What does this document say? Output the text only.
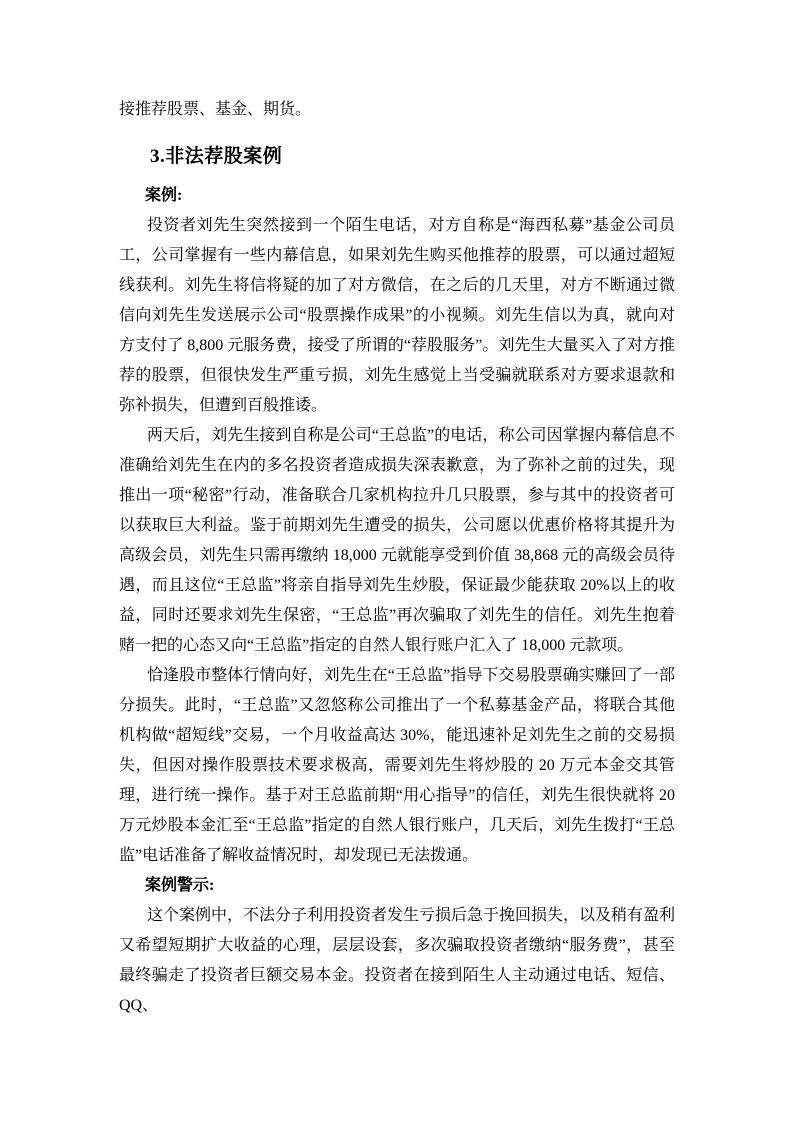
接推荐股票、基金、期货。

3.非法荐股案例

案例:

投资者刘先生突然接到一个陌生电话，对方自称是“海西私募”基金公司员工，公司掌握有一些内幕信息，如果刘先生购买他推荐的股票，可以通过超短线获利。刘先生将信将疑的加了对方微信，在之后的几天里，对方不断通过微信向刘先生发送展示公司“股票操作成果”的小视频。刘先生信以为真，就向对方支付了 8,800 元服务费，接受了所谓的“荐股服务”。刘先生大量买入了对方推荐的股票，但很快发生严重亏损，刘先生感觉上当受骗就联系对方要求退款和弥补损失，但遭到百般推诿。

两天后，刘先生接到自称是公司“王总监”的电话，称公司因掌握内幕信息不准确给刘先生在内的多名投资者造成损失深表歉意，为了弥补之前的过失，现推出一项“秘密”行动，准备联合几家机构拉升几只股票，参与其中的投资者可以获取巨大利益。鉴于前期刘先生遭受的损失，公司愿以优惠价格将其提升为高级会员，刘先生只需再缴纳 18,000 元就能享受到价值 38,868 元的高级会员待遇，而且这位“王总监”将亲自指导刘先生炒股，保证最少能获取 20%以上的收益，同时还要求刘先生保密，“王总监”再次骗取了刘先生的信任。刘先生抱着赌一把的心态又向“王总监”指定的自然人银行账户汇入了 18,000 元款项。

恰逢股市整体行情向好，刘先生在“王总监”指导下交易股票确实赚回了一部分损失。此时，“王总监”又忽悠称公司推出了一个私募基金产品，将联合其他机构做“超短线”交易，一个月收益高达 30%，能迅速补足刘先生之前的交易损失，但因对操作股票技术要求极高，需要刘先生将炒股的 20 万元本金交其管理，进行统一操作。基于对王总监前期“用心指导”的信任，刘先生很快就将 20 万元炒股本金汇至“王总监”指定的自然人银行账户，几天后，刘先生拨打“王总监”电话准备了解收益情况时，却发现已无法拨通。

案例警示:

这个案例中，不法分子利用投资者发生亏损后急于挽回损失，以及稍有盈利又希望短期扩大收益的心理，层层设套，多次骗取投资者缴纳“服务费”，甚至最终骗走了投资者巨额交易本金。投资者在接到陌生人主动通过电话、短信、QQ、
